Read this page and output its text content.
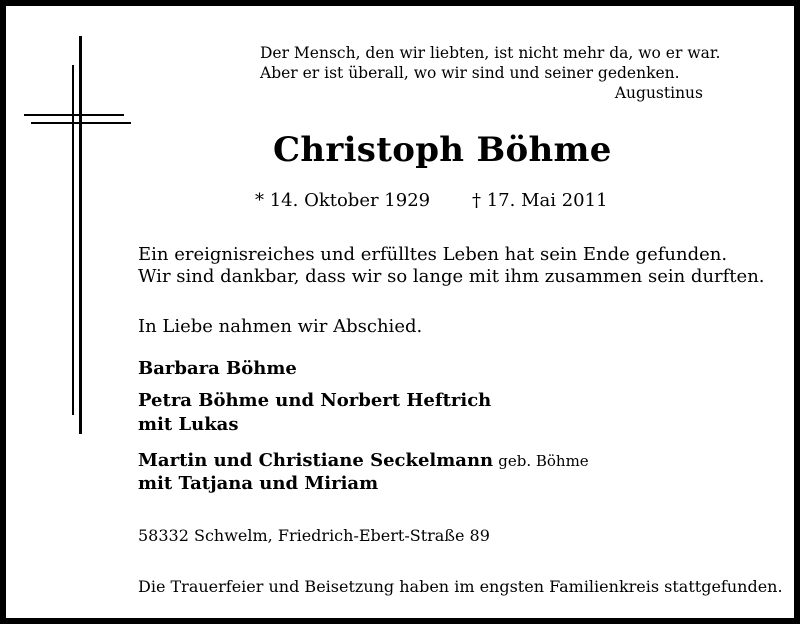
Der Mensch, den wir liebten, ist nicht mehr da, wo er war.
Aber er ist überall, wo wir sind und seiner gedenken.
Augustinus
Christoph Böhme
* 14. Oktober 1929 † 17. Mai 2011
Ein ereignisreiches und erfülltes Leben hat sein Ende gefunden.
Wir sind dankbar, dass wir so lange mit ihm zusammen sein durften.
In Liebe nahmen wir Abschied.
Barbara Böhme
Petra Böhme und Norbert Heftrich
mit Lukas
Martin und Christiane Seckelmann geb. Böhme
mit Tatjana und Miriam
58332 Schwelm, Friedrich-Ebert-Straße 89
Die Trauerfeier und Beisetzung haben im engsten Familienkreis stattgefunden.
